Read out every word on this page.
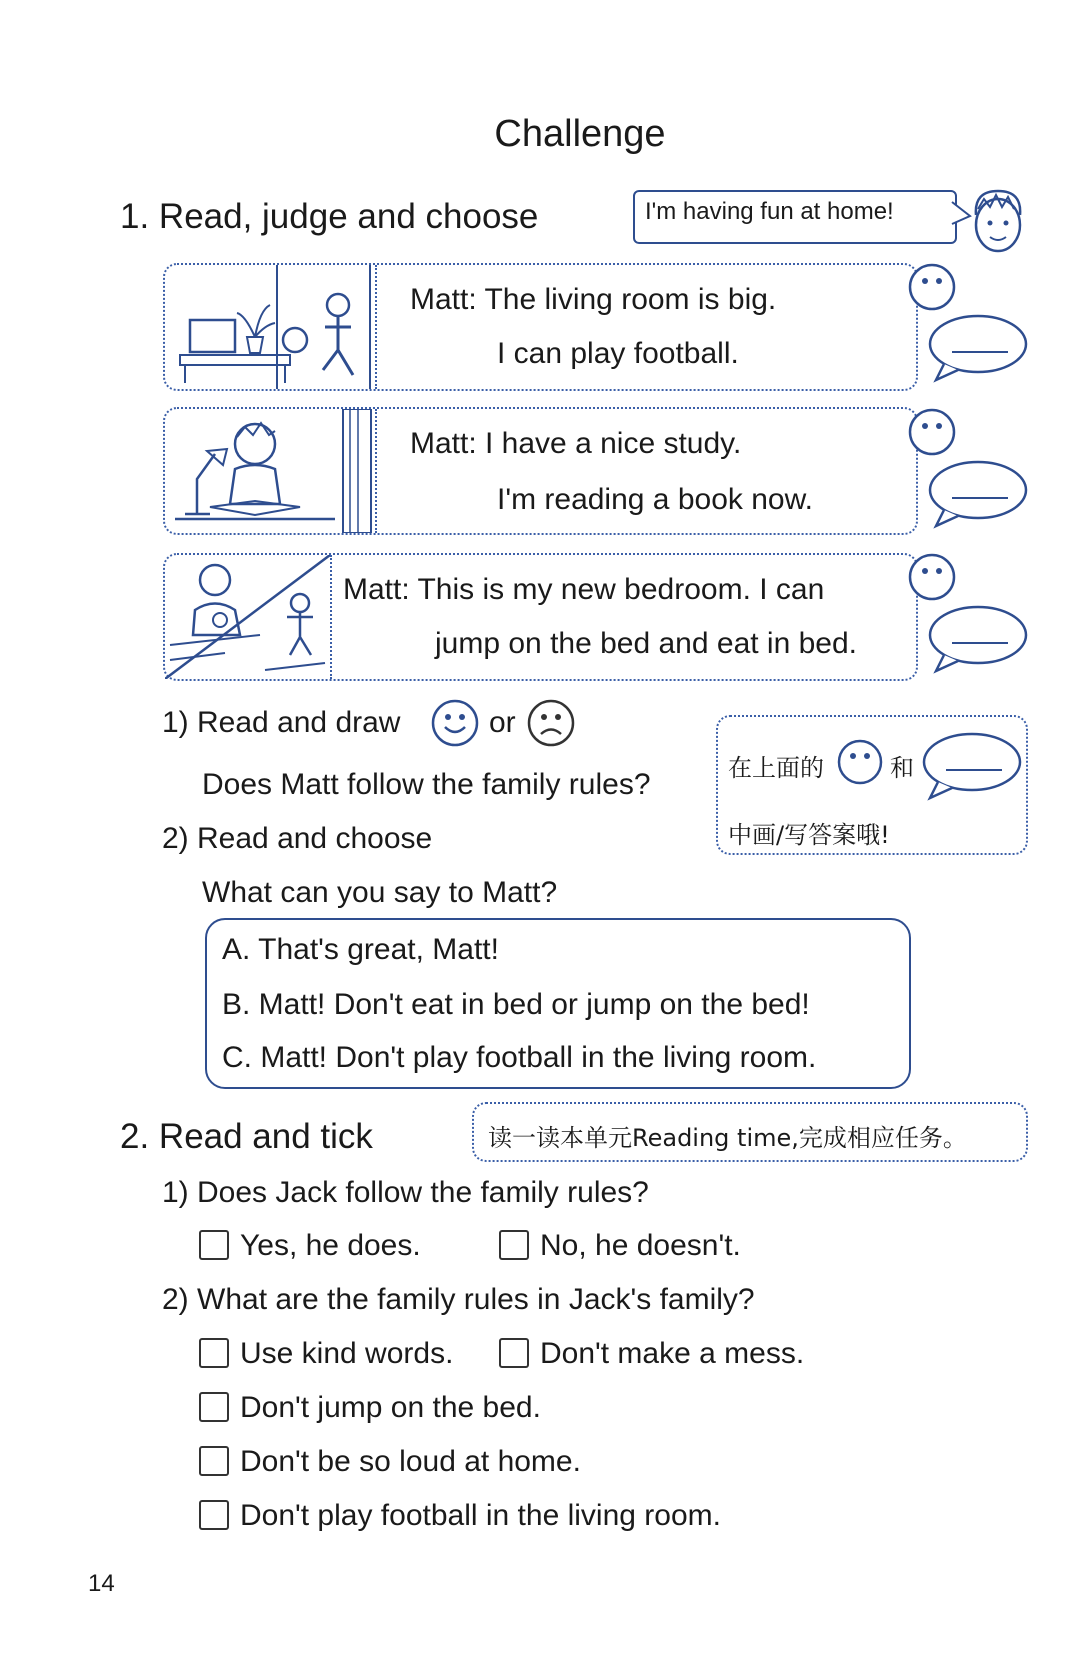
Challenge
1. Read, judge and choose	I'm having fun at home!
Matt: The living room is big.
I can play football.
Matt: I have a nice study.
I'm reading a book now.
Matt: This is my new bedroom. I can
jump on the bed and eat in bed.
1) Read and draw	or
Does Matt follow the family rules?	在上面的	和
中画/写答案哦!
2) Read and choose
What can you say to Matt?
A. That's great, Matt!
B. Matt! Don't eat in bed or jump on the bed!
C. Matt! Don't play football in the living room.
2. Read and tick	读一读本单元Reading time,完成相应任务。
1) Does Jack follow the family rules?
Yes, he does.	No, he doesn't.
2) What are the family rules in Jack's family?
Use kind words.	Don't make a mess.
Don't jump on the bed.
Don't be so loud at home.
Don't play football in the living room.
14
